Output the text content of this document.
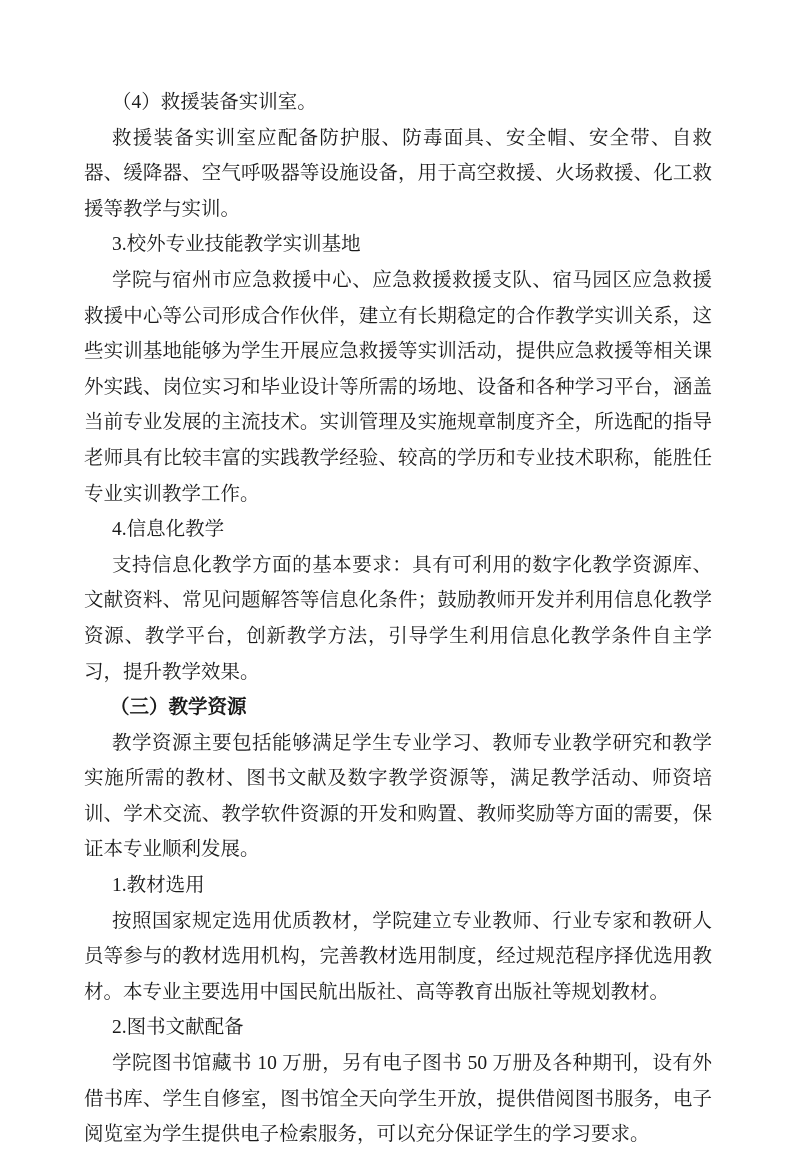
（4）救援装备实训室。

救援装备实训室应配备防护服、防毒面具、安全帽、安全带、自救器、缓降器、空气呼吸器等设施设备，用于高空救援、火场救援、化工救援等教学与实训。

3.校外专业技能教学实训基地

学院与宿州市应急救援中心、应急救援救援支队、宿马园区应急救援救援中心等公司形成合作伙伴，建立有长期稳定的合作教学实训关系，这些实训基地能够为学生开展应急救援等实训活动，提供应急救援等相关课外实践、岗位实习和毕业设计等所需的场地、设备和各种学习平台，涵盖当前专业发展的主流技术。实训管理及实施规章制度齐全，所选配的指导老师具有比较丰富的实践教学经验、较高的学历和专业技术职称，能胜任专业实训教学工作。

4.信息化教学

支持信息化教学方面的基本要求：具有可利用的数字化教学资源库、文献资料、常见问题解答等信息化条件；鼓励教师开发并利用信息化教学资源、教学平台，创新教学方法，引导学生利用信息化教学条件自主学习，提升教学效果。

（三）教学资源

教学资源主要包括能够满足学生专业学习、教师专业教学研究和教学实施所需的教材、图书文献及数字教学资源等，满足教学活动、师资培训、学术交流、教学软件资源的开发和购置、教师奖励等方面的需要，保证本专业顺利发展。

1.教材选用

按照国家规定选用优质教材，学院建立专业教师、行业专家和教研人员等参与的教材选用机构，完善教材选用制度，经过规范程序择优选用教材。本专业主要选用中国民航出版社、高等教育出版社等规划教材。

2.图书文献配备

学院图书馆藏书 10 万册，另有电子图书 50 万册及各种期刊，设有外借书库、学生自修室，图书馆全天向学生开放，提供借阅图书服务，电子阅览室为学生提供电子检索服务，可以充分保证学生的学习要求。
